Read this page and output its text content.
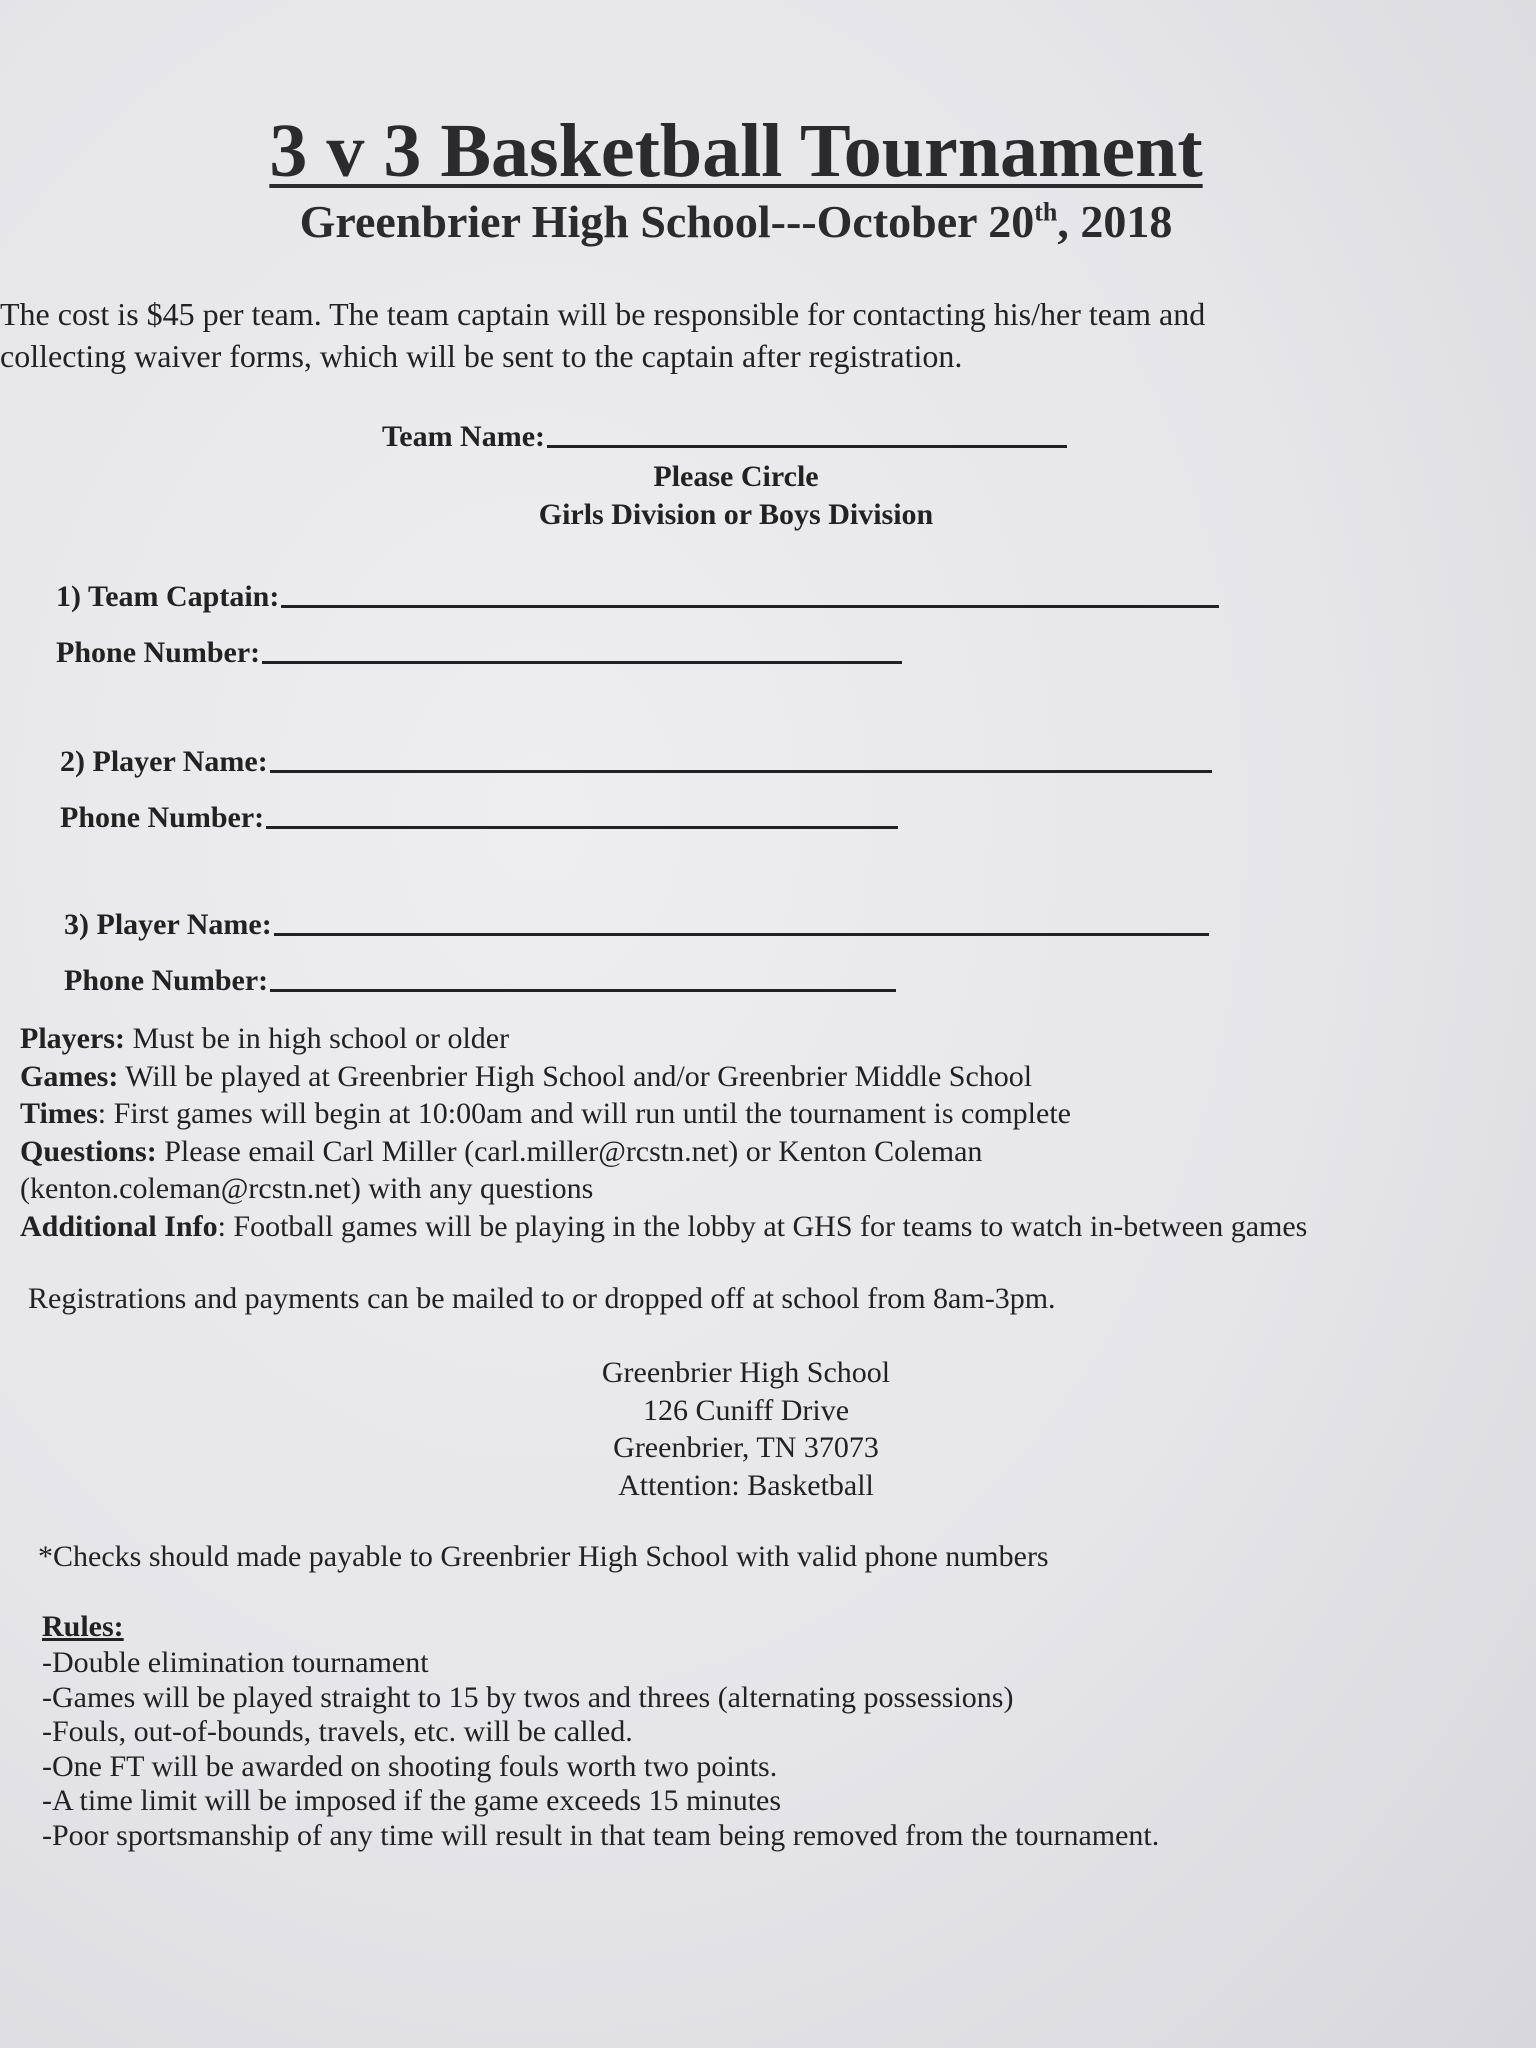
3 v 3 Basketball Tournament
Greenbrier High School---October 20th, 2018
The cost is $45 per team. The team captain will be responsible for contacting his/her team and
collecting waiver forms, which will be sent to the captain after registration.
Team Name:
Please Circle
Girls Division or Boys Division
1) Team Captain:
Phone Number:
2) Player Name:
Phone Number:
3) Player Name:
Phone Number:
Players: Must be in high school or older
Games: Will be played at Greenbrier High School and/or Greenbrier Middle School
Times: First games will begin at 10:00am and will run until the tournament is complete
Questions: Please email Carl Miller (carl.miller@rcstn.net) or Kenton Coleman
(kenton.coleman@rcstn.net) with any questions
Additional Info: Football games will be playing in the lobby at GHS for teams to watch in-between games
Registrations and payments can be mailed to or dropped off at school from 8am-3pm.
Greenbrier High School
126 Cuniff Drive
Greenbrier, TN 37073
Attention: Basketball
*Checks should made payable to Greenbrier High School with valid phone numbers
Rules:
-Double elimination tournament
-Games will be played straight to 15 by twos and threes (alternating possessions)
-Fouls, out-of-bounds, travels, etc. will be called.
-One FT will be awarded on shooting fouls worth two points.
-A time limit will be imposed if the game exceeds 15 minutes
-Poor sportsmanship of any time will result in that team being removed from the tournament.
